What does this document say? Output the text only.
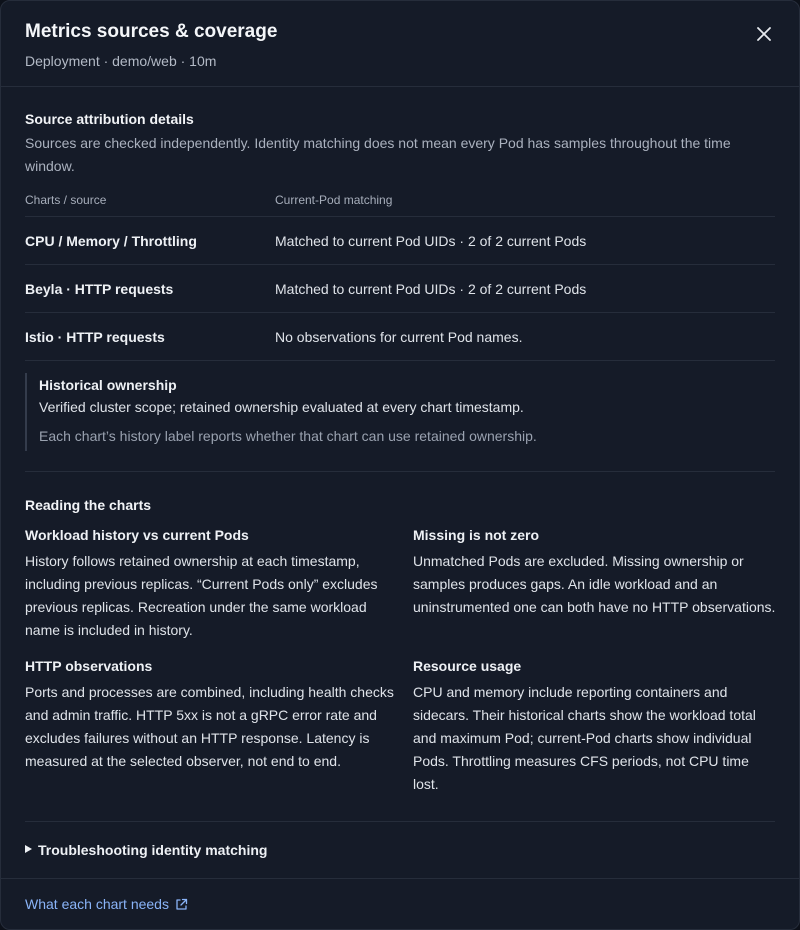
Metrics sources & coverage
Deployment · demo/web · 10m
Source attribution details
Sources are checked independently. Identity matching does not mean every Pod has samples throughout the time window.
Charts / source	Current-Pod matching
CPU / Memory / Throttling	Matched to current Pod UIDs · 2 of 2 current Pods
Beyla · HTTP requests	Matched to current Pod UIDs · 2 of 2 current Pods
Istio · HTTP requests	No observations for current Pod names.
Historical ownership
Verified cluster scope; retained ownership evaluated at every chart timestamp.
Each chart’s history label reports whether that chart can use retained ownership.
Reading the charts
Workload history vs current Pods
History follows retained ownership at each timestamp, including previous replicas. “Current Pods only” excludes previous replicas. Recreation under the same workload name is included in history.
Missing is not zero
Unmatched Pods are excluded. Missing ownership or samples produces gaps. An idle workload and an uninstrumented one can both have no HTTP observations.
HTTP observations
Ports and processes are combined, including health checks and admin traffic. HTTP 5xx is not a gRPC error rate and excludes failures without an HTTP response. Latency is measured at the selected observer, not end to end.
Resource usage
CPU and memory include reporting containers and sidecars. Their historical charts show the workload total and maximum Pod; current-Pod charts show individual Pods. Throttling measures CFS periods, not CPU time lost.
Troubleshooting identity matching
What each chart needs
